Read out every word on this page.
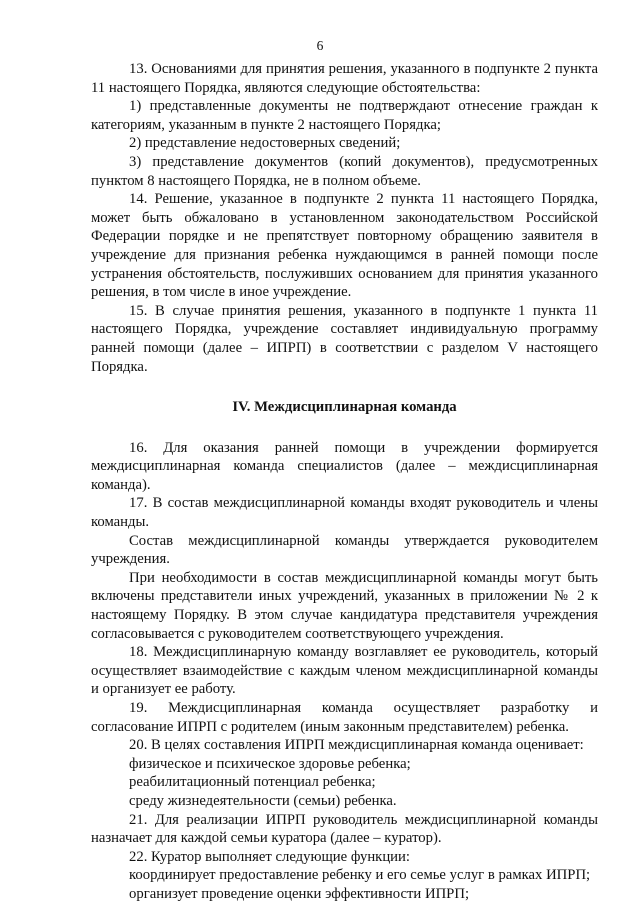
6

13. Основаниями для принятия решения, указанного в подпункте 2 пункта 11 настоящего Порядка, являются следующие обстоятельства:

1) представленные документы не подтверждают отнесение граждан к категориям, указанным в пункте 2 настоящего Порядка;

2) представление недостоверных сведений;

3) представление документов (копий документов), предусмотренных пунктом 8 настоящего Порядка, не в полном объеме.

14. Решение, указанное в подпункте 2 пункта 11 настоящего Порядка, может быть обжаловано в установленном законодательством Российской Федерации порядке и не препятствует повторному обращению заявителя в учреждение для признания ребенка нуждающимся в ранней помощи после устранения обстоятельств, послуживших основанием для принятия указанного решения, в том числе в иное учреждение.

15. В случае принятия решения, указанного в подпункте 1 пункта 11 настоящего Порядка, учреждение составляет индивидуальную программу ранней помощи (далее – ИПРП) в соответствии с разделом V настоящего Порядка.

IV. Междисциплинарная команда

16. Для оказания ранней помощи в учреждении формируется междисциплинарная команда специалистов (далее – междисциплинарная команда).

17. В состав междисциплинарной команды входят руководитель и члены команды.

Состав междисциплинарной команды утверждается руководителем учреждения.

При необходимости в состав междисциплинарной команды могут быть включены представители иных учреждений, указанных в приложении № 2 к настоящему Порядку. В этом случае кандидатура представителя учреждения согласовывается с руководителем соответствующего учреждения.

18. Междисциплинарную команду возглавляет ее руководитель, который осуществляет взаимодействие с каждым членом междисциплинарной команды и организует ее работу.

19. Междисциплинарная команда осуществляет разработку и согласование ИПРП с родителем (иным законным представителем) ребенка.

20. В целях составления ИПРП междисциплинарная команда оценивает:

физическое и психическое здоровье ребенка;

реабилитационный потенциал ребенка;

среду жизнедеятельности (семьи) ребенка.

21. Для реализации ИПРП руководитель междисциплинарной команды назначает для каждой семьи куратора (далее – куратор).

22. Куратор выполняет следующие функции:

координирует предоставление ребенку и его семье услуг в рамках ИПРП;

организует проведение оценки эффективности ИПРП;
